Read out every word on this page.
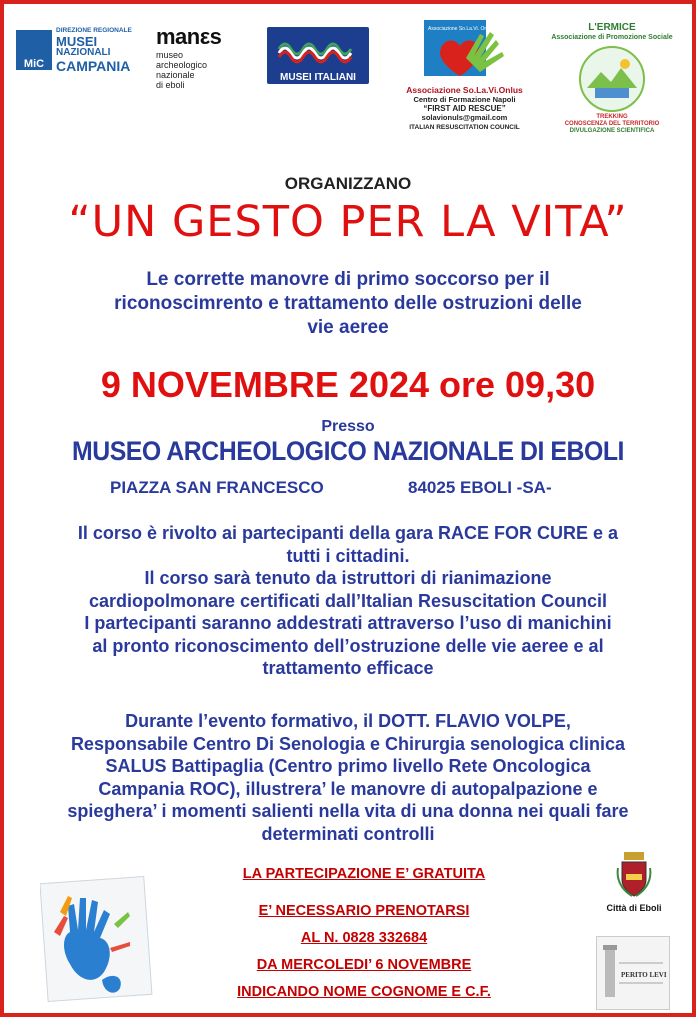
MiC
DIREZIONE REGIONALE
MUSEI
NAZIONALI
CAMPANIA
manεs
museo
archeologico
nazionale
di eboli
MUSEI ITALIANI
Associazione So.La.Vi. Onlus
Associazione So.La.Vi.Onlus
Centro di Formazione Napoli
“FIRST AID RESCUE”
solavionuls@gmail.com
ITALIAN RESUSCITATION COUNCIL
L'ERMICE
Associazione di Promozione Sociale
TREKKING
CONOSCENZA DEL TERRITORIO
DIVULGAZIONE SCIENTIFICA
ORGANIZZANO
“UN GESTO PER LA VITA”
Le corrette manovre di primo soccorso per il
riconoscimrento e trattamento delle ostruzioni delle
vie aeree
9 NOVEMBRE 2024 ore 09,30
Presso
MUSEO ARCHEOLOGICO NAZIONALE DI EBOLI
PIAZZA SAN FRANCESCO	84025 EBOLI -SA-
Il corso è rivolto ai partecipanti della gara RACE FOR CURE e a
tutti i cittadini.
Il corso sarà tenuto da istruttori di rianimazione
cardiopolmonare certificati dall’Italian Resuscitation Council
I partecipanti saranno addestrati attraverso l’uso di manichini
al pronto riconoscimento dell’ostruzione delle vie aeree e al
trattamento efficace
Durante l’evento formativo, il DOTT. FLAVIO VOLPE,
Responsabile Centro Di Senologia e Chirurgia senologica clinica
SALUS Battipaglia (Centro primo livello Rete Oncologica
Campania ROC), illustrera’ le manovre di autopalpazione e
spieghera’ i momenti salienti nella vita di una donna nei quali fare
determinati controlli
LA PARTECIPAZIONE E’ GRATUITA
E’ NECESSARIO PRENOTARSI
AL N. 0828 332684
DA MERCOLEDI’ 6 NOVEMBRE
INDICANDO NOME COGNOME E C.F.
Città di Eboli
PERITO LEVI
